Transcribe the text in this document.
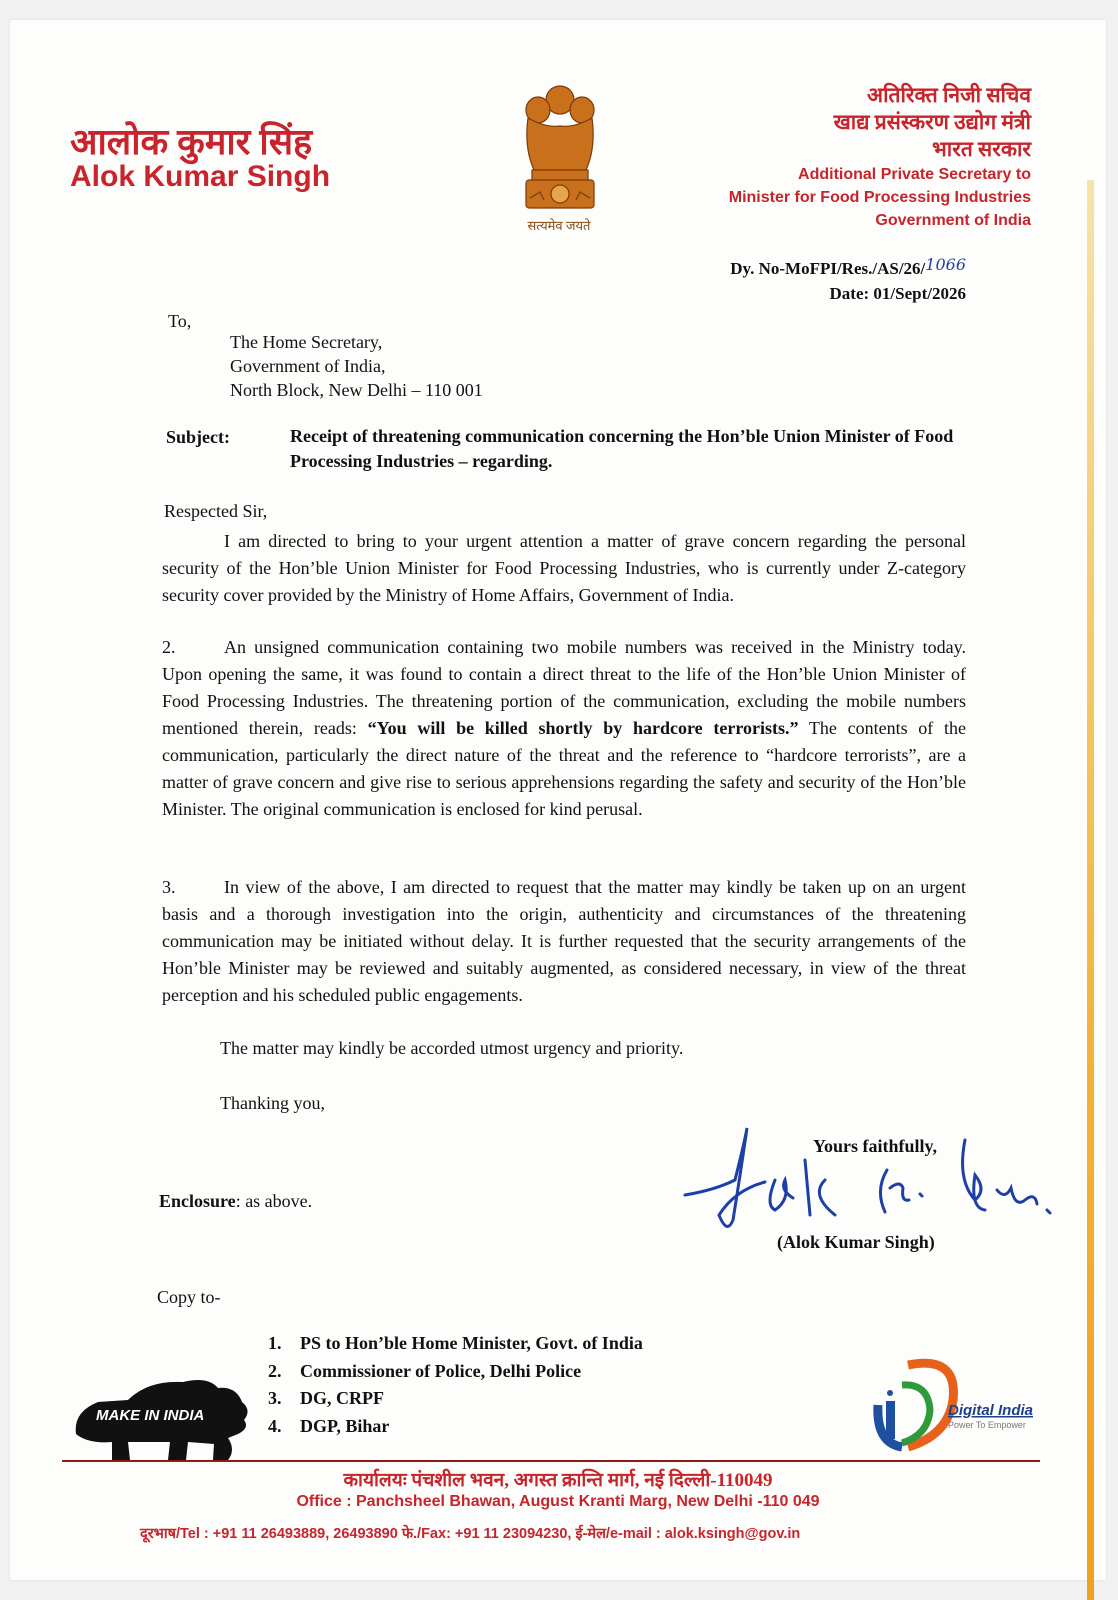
आलोक कुमार सिंह
Alok Kumar Singh
सत्यमेव जयते
अतिरिक्त निजी सचिव
खाद्य प्रसंस्करण उद्योग मंत्री
भारत सरकार
Additional Private Secretary to
Minister for Food Processing Industries
Government of India
Dy. No-MoFPI/Res./AS/26/1066
Date: 01/Sept/2026
To,
The Home Secretary,
Government of India,
North Block, New Delhi – 110 001
Subject:	Receipt of threatening communication concerning the Hon’ble Union Minister of Food Processing Industries – regarding.
Respected Sir,
I am directed to bring to your urgent attention a matter of grave concern regarding the personal security of the Hon’ble Union Minister for Food Processing Industries, who is currently under Z-category security cover provided by the Ministry of Home Affairs, Government of India.
2.	An unsigned communication containing two mobile numbers was received in the Ministry today. Upon opening the same, it was found to contain a direct threat to the life of the Hon’ble Union Minister of Food Processing Industries. The threatening portion of the communication, excluding the mobile numbers mentioned therein, reads: “You will be killed shortly by hardcore terrorists.” The contents of the communication, particularly the direct nature of the threat and the reference to “hardcore terrorists”, are a matter of grave concern and give rise to serious apprehensions regarding the safety and security of the Hon’ble Minister. The original communication is enclosed for kind perusal.
3.	In view of the above, I am directed to request that the matter may kindly be taken up on an urgent basis and a thorough investigation into the origin, authenticity and circumstances of the threatening communication may be initiated without delay. It is further requested that the security arrangements of the Hon’ble Minister may be reviewed and suitably augmented, as considered necessary, in view of the threat perception and his scheduled public engagements.
The matter may kindly be accorded utmost urgency and priority.
Thanking you,
Yours faithfully,
(Alok Kumar Singh)
Enclosure: as above.
Copy to-
1. PS to Hon’ble Home Minister, Govt. of India
2. Commissioner of Police, Delhi Police
3. DG, CRPF
4. DGP, Bihar
MAKE IN INDIA	Digital India
Power To Empower
कार्यालयः पंचशील भवन, अगस्त क्रान्ति मार्ग, नई दिल्ली-110049
Office : Panchsheel Bhawan, August Kranti Marg, New Delhi -110 049
दूरभाष/Tel : +91 11 26493889, 26493890 फे./Fax: +91 11 23094230, ई-मेल/e-mail : alok.ksingh@gov.in
